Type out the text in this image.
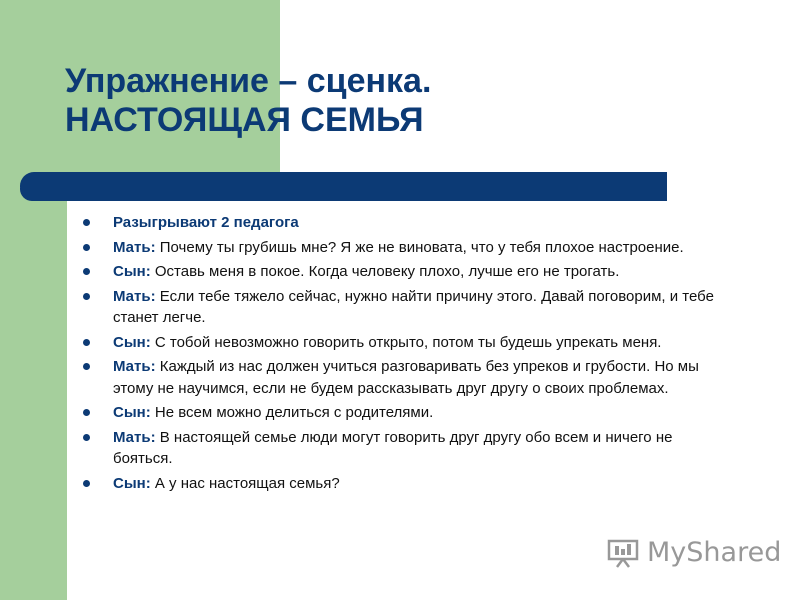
Упражнение – сценка.
НАСТОЯЩАЯ СЕМЬЯ
Разыгрывают 2 педагога
Мать: Почему ты грубишь мне? Я же не виновата, что у тебя плохое настроение.
Сын: Оставь меня в покое. Когда человеку плохо, лучше его не трогать.
Мать: Если тебе тяжело сейчас, нужно найти причину этого. Давай поговорим, и тебе станет легче.
Сын: С тобой невозможно говорить открыто, потом ты будешь упрекать меня.
Мать: Каждый из нас должен учиться разговаривать без упреков и грубости. Но мы этому не научимся, если не будем рассказывать друг другу о своих проблемах.
Сын: Не всем можно делиться с родителями.
Мать: В настоящей семье люди могут говорить друг другу обо всем и ничего не бояться.
Сын: А у нас настоящая семья?
MyShared
